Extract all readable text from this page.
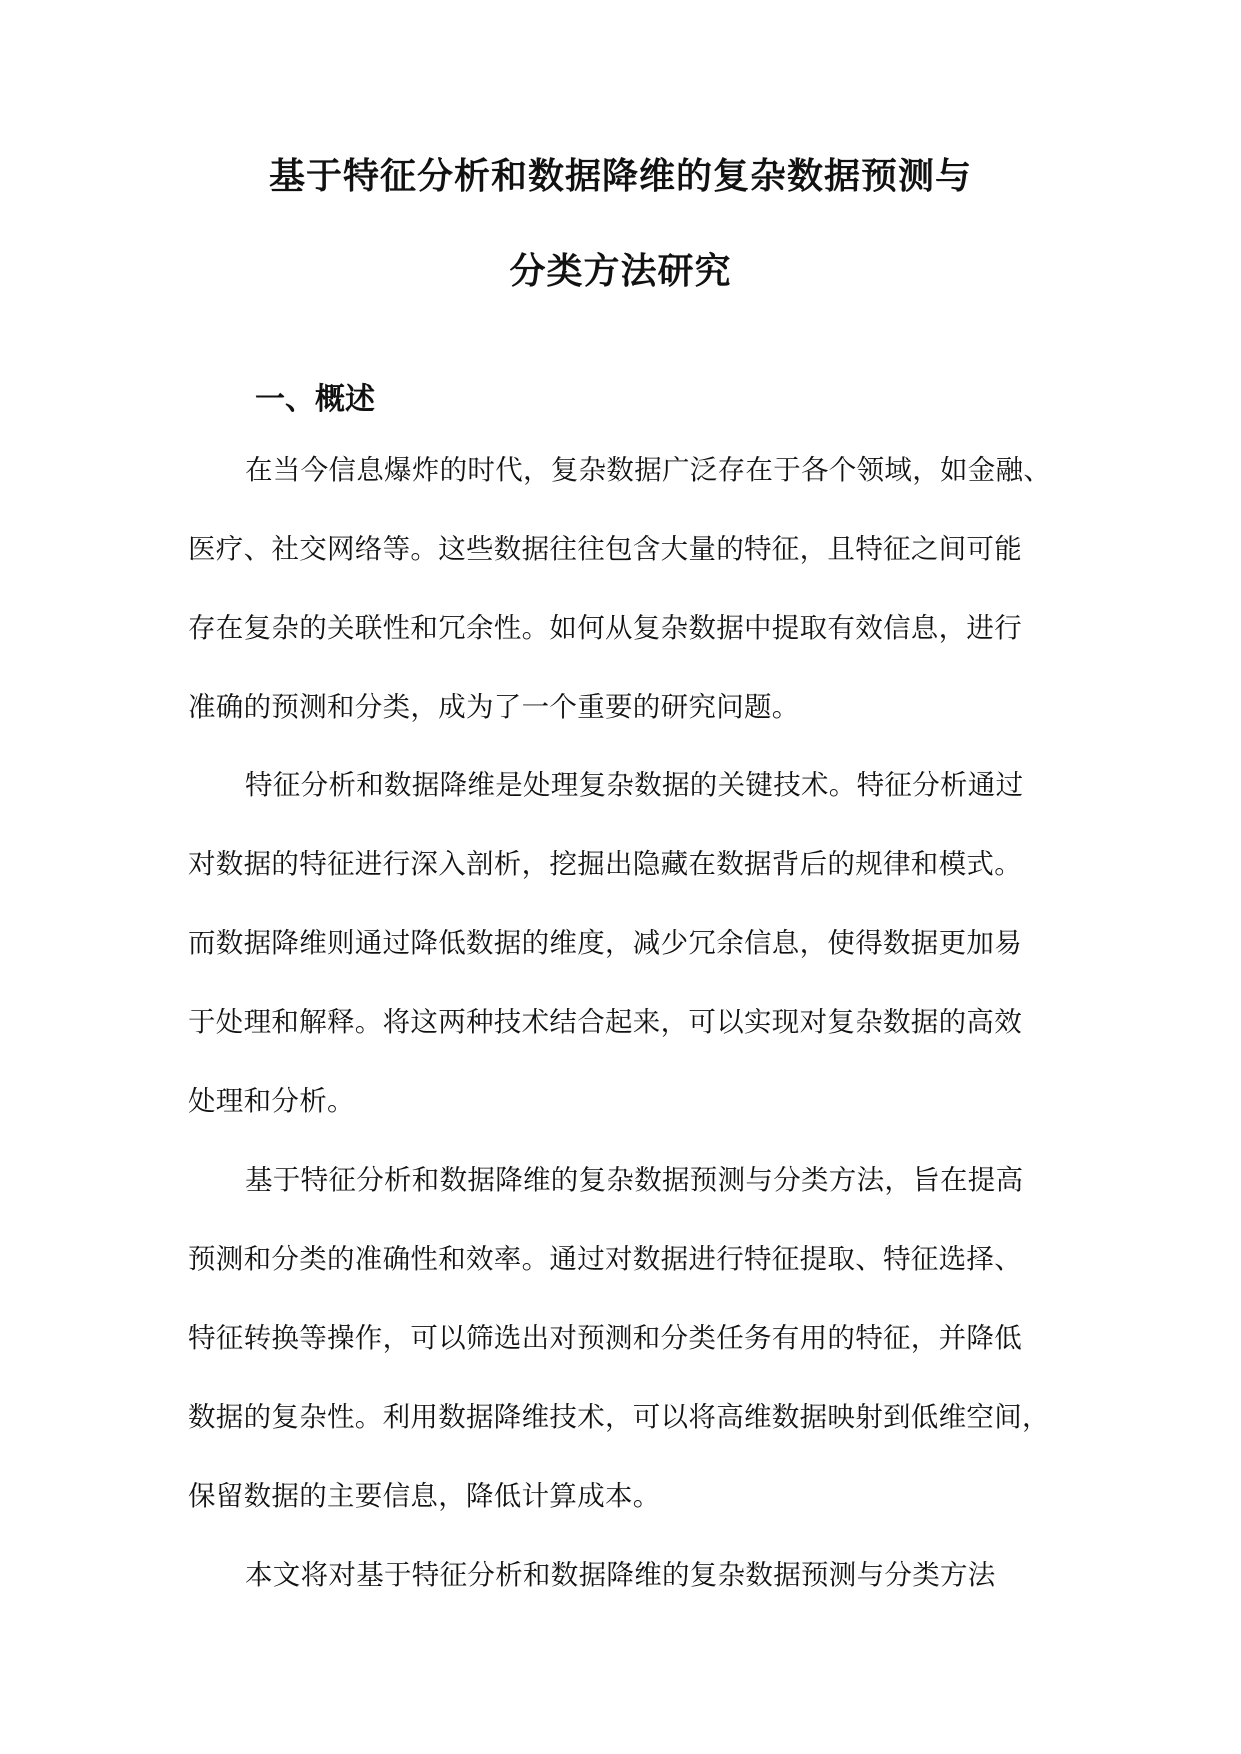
基于特征分析和数据降维的复杂数据预测与
分类方法研究
一、概述
在当今信息爆炸的时代，复杂数据广泛存在于各个领域，如金融、
医疗、社交网络等。这些数据往往包含大量的特征，且特征之间可能
存在复杂的关联性和冗余性。如何从复杂数据中提取有效信息，进行
准确的预测和分类，成为了一个重要的研究问题。
特征分析和数据降维是处理复杂数据的关键技术。特征分析通过
对数据的特征进行深入剖析，挖掘出隐藏在数据背后的规律和模式。
而数据降维则通过降低数据的维度，减少冗余信息，使得数据更加易
于处理和解释。将这两种技术结合起来，可以实现对复杂数据的高效
处理和分析。
基于特征分析和数据降维的复杂数据预测与分类方法，旨在提高
预测和分类的准确性和效率。通过对数据进行特征提取、特征选择、
特征转换等操作，可以筛选出对预测和分类任务有用的特征，并降低
数据的复杂性。利用数据降维技术，可以将高维数据映射到低维空间，
保留数据的主要信息，降低计算成本。
本文将对基于特征分析和数据降维的复杂数据预测与分类方法
